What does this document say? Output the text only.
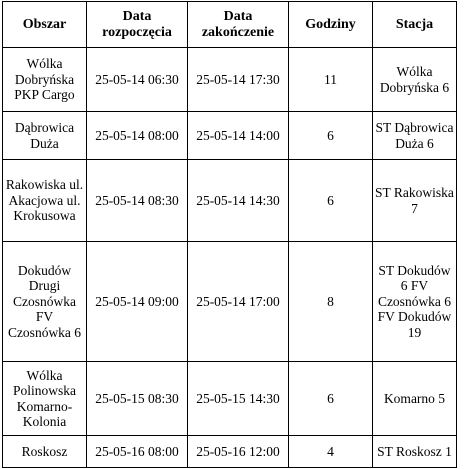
Obszar	Data rozpoczęcia	Data zakończenie	Godziny	Stacja
Wólka Dobryńska PKP Cargo	25-05-14 06:30	25-05-14 17:30	11	Wólka Dobryńska 6
Dąbrowica Duża	25-05-14 08:00	25-05-14 14:00	6	ST Dąbrowica Duża 6
Rakowiska ul. Akacjowa ul. Krokusowa	25-05-14 08:30	25-05-14 14:30	6	ST Rakowiska 7
Dokudów Drugi Czosnówka FV Czosnówka 6	25-05-14 09:00	25-05-14 17:00	8	ST Dokudów 6 FV Czosnówka 6 FV Dokudów 19
Wólka Polinowska Komarno-Kolonia	25-05-15 08:30	25-05-15 14:30	6	Komarno 5
Roskosz	25-05-16 08:00	25-05-16 12:00	4	ST Roskosz 1
